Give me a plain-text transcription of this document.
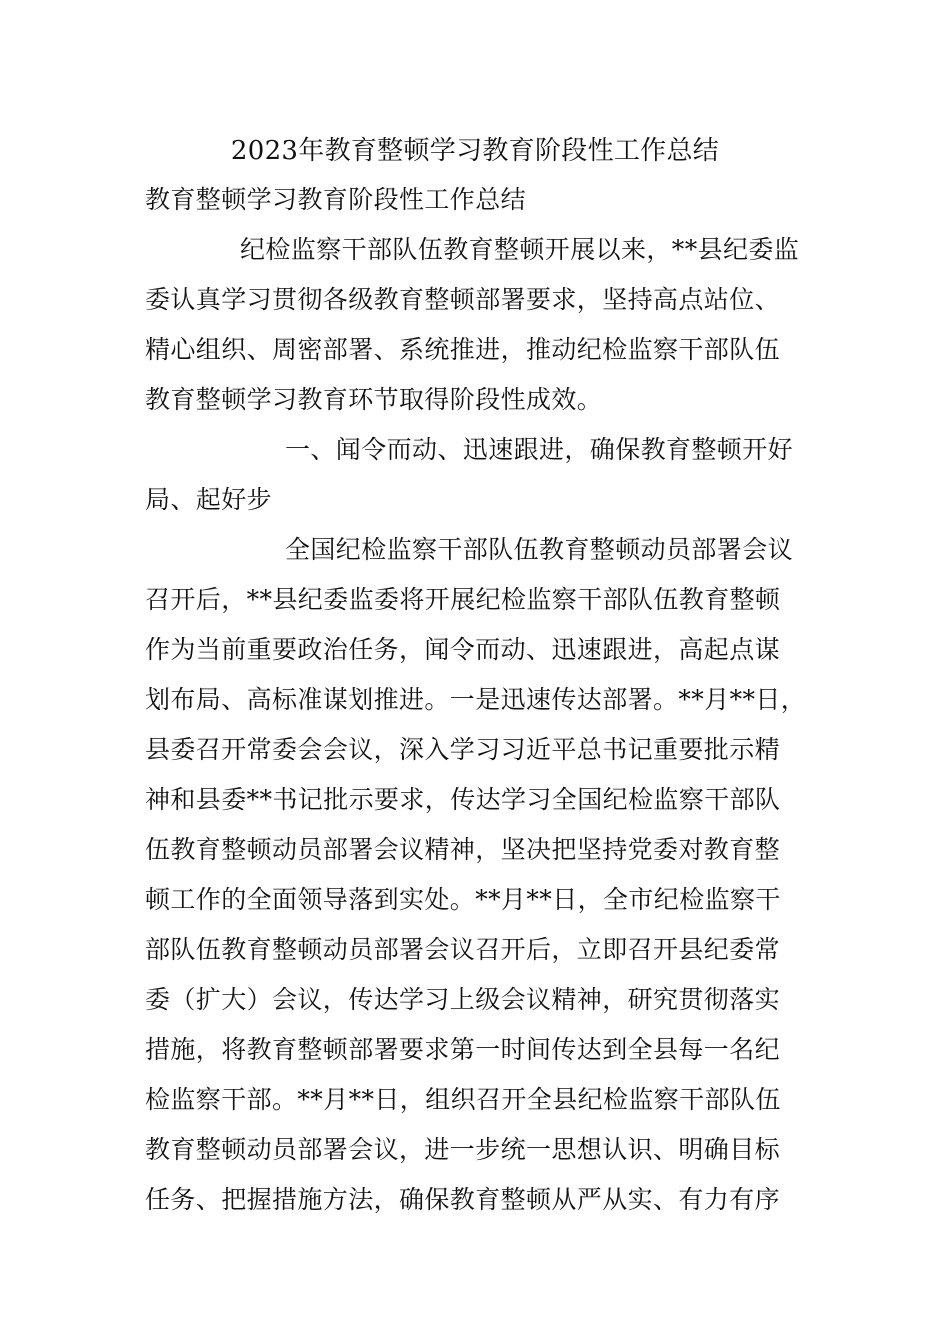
2023年教育整顿学习教育阶段性工作总结
教育整顿学习教育阶段性工作总结
纪检监察干部队伍教育整顿开展以来，**县纪委监
委认真学习贯彻各级教育整顿部署要求，坚持高点站位、
精心组织、周密部署、系统推进，推动纪检监察干部队伍
教育整顿学习教育环节取得阶段性成效。
一、闻令而动、迅速跟进，确保教育整顿开好
局、起好步
全国纪检监察干部队伍教育整顿动员部署会议
召开后，**县纪委监委将开展纪检监察干部队伍教育整顿
作为当前重要政治任务，闻令而动、迅速跟进，高起点谋
划布局、高标准谋划推进。一是迅速传达部署。**月**日，
县委召开常委会会议，深入学习习近平总书记重要批示精
神和县委**书记批示要求，传达学习全国纪检监察干部队
伍教育整顿动员部署会议精神，坚决把坚持党委对教育整
顿工作的全面领导落到实处。**月**日，全市纪检监察干
部队伍教育整顿动员部署会议召开后，立即召开县纪委常
委（扩大）会议，传达学习上级会议精神，研究贯彻落实
措施，将教育整顿部署要求第一时间传达到全县每一名纪
检监察干部。**月**日，组织召开全县纪检监察干部队伍
教育整顿动员部署会议，进一步统一思想认识、明确目标
任务、把握措施方法，确保教育整顿从严从实、有力有序
